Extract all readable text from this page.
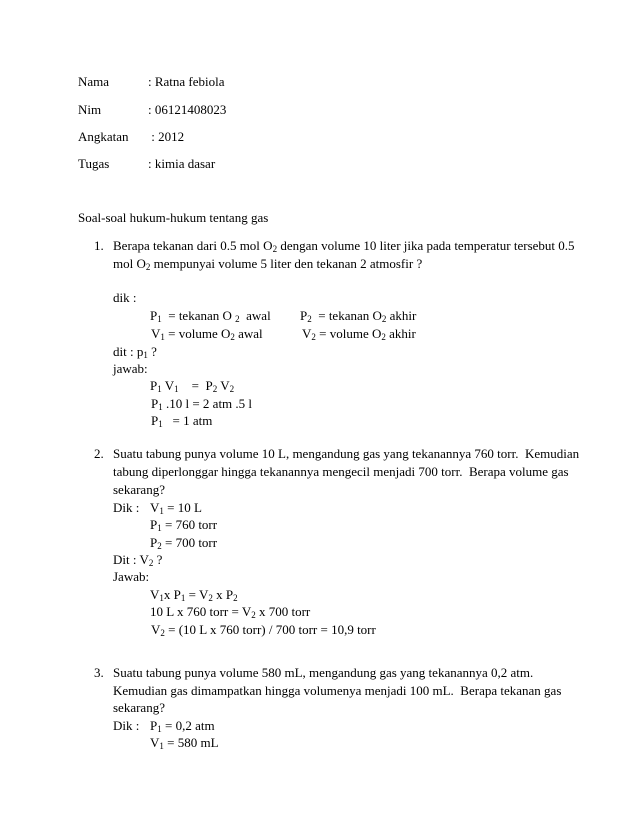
Nama	: Ratna febiola
Nim	: 06121408023
Angkatan : 2012
Tugas	: kimia dasar
Soal-soal hukum-hukum tentang gas
1. Berapa tekanan dari 0.5 mol $O_2$ dengan volume 10 liter jika pada temperatur tersebut 0.5
mol $O_2$ mempunyai volume 5 liter den tekanan 2 atmosfir ?
dik :
$P_1$  = tekanan O $_2$  awal $P_2$  = tekanan $O_2$ akhir
$V_1$ = volume $O_2$ awal	$V_2$ = volume $O_2$ akhir
dit : $p_1$ ?
jawab:
$P_1$ $V_1$    =  $P_2$ $V_2$
$P_1$ .10 l = 2 atm .5 l
$P_1 = 1$ atm
2. Suatu tabung punya volume 10 L, mengandung gas yang tekanannya 760 torr.  Kemudian
tabung diperlonggar hingga tekanannya mengecil menjadi 700 torr.  Berapa volume gas
sekarang?
Dik : $V_1 = 10$ L
$P_1 = 760$ torr
$P_2 = 700$ torr
Dit : $V_2$ ?
Jawab:
$V_1x$ $P_1 = V_2$ x $P_2$
10 L x 760 torr = $V_2$ x 700 torr
$V_2 = (10$ L x 760 torr) / 700 torr = 10,9 torr
3. Suatu tabung punya volume 580 mL, mengandung gas yang tekanannya 0,2 atm.
Kemudian gas dimampatkan hingga volumenya menjadi 100 mL.  Berapa tekanan gas
sekarang?
Dik : $P_1 = 0,2$ atm
$V_1 = 580$ mL
